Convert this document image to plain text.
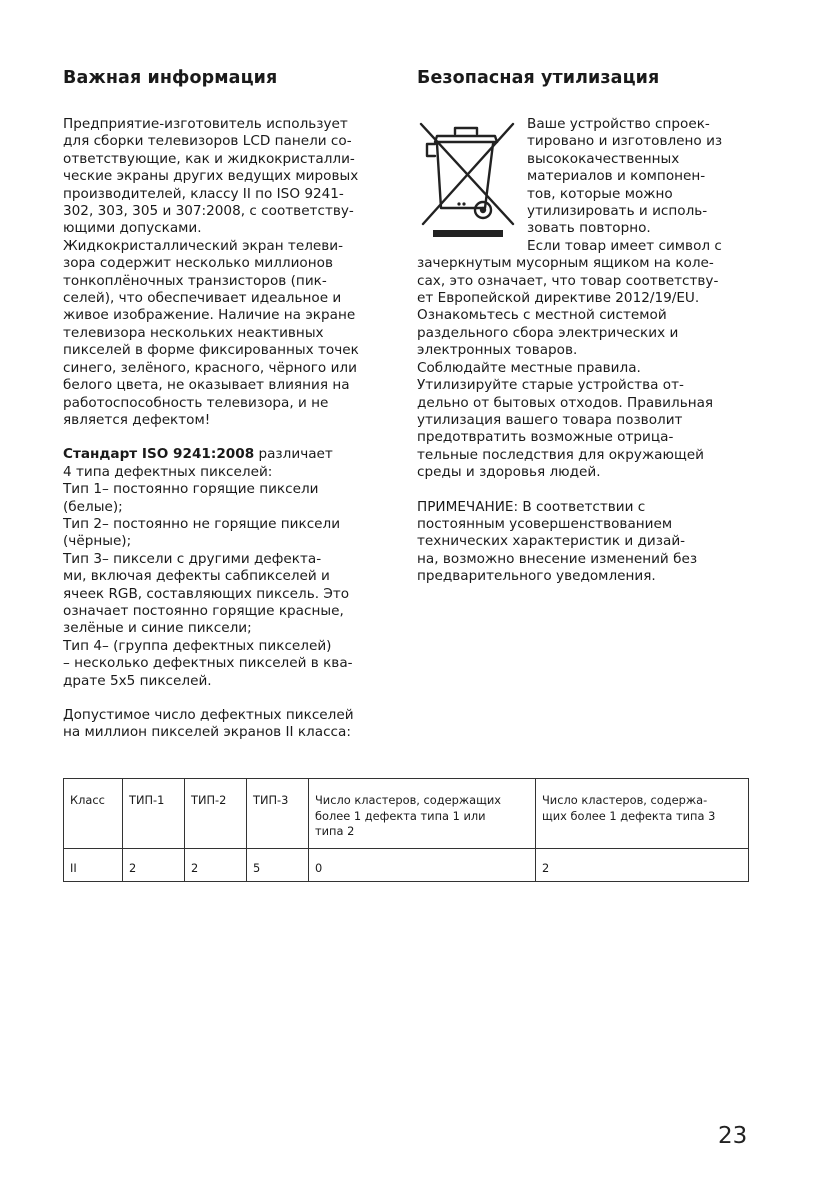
Важная информация

Предприятие-изготовитель использует
для сборки телевизоров LCD панели со-
ответствующие, как и жидкокристалли-
ческие экраны других ведущих мировых
производителей, классу II по ISO 9241-
302, 303, 305 и 307:2008, с соответству-
ющими допусками.
Жидкокристаллический экран телеви-
зора содержит несколько миллионов
тонкоплёночных транзисторов (пик-
селей), что обеспечивает идеальное и
живое изображение. Наличие на экране
телевизора нескольких неактивных
пикселей в форме фиксированных точек
синего, зелёного, красного, чёрного или
белого цвета, не оказывает влияния на
работоспособность телевизора, и не
является дефектом!

Стандарт ISO 9241:2008 различает
4 типа дефектных пикселей:
Тип 1– постоянно горящие пиксели
(белые);
Тип 2– постоянно не горящие пиксели
(чёрные);
Тип 3– пиксели с другими дефекта-
ми, включая дефекты сабпикселей и
ячеек RGB, составляющих пиксель. Это
означает постоянно горящие красные,
зелёные и синие пиксели;
Тип 4– (группа дефектных пикселей)
– несколько дефектных пикселей в ква-
драте 5x5 пикселей.

Допустимое число дефектных пикселей
на миллион пикселей экранов II класса:

Безопасная утилизация

Ваше устройство спроек-
тировано и изготовлено из
высококачественных
материалов и компонен-
тов, которые можно
утилизировать и исполь-
зовать повторно.
Если товар имеет символ с

зачеркнутым мусорным ящиком на коле-
сах, это означает, что товар соответству-
ет Европейской директиве 2012/19/EU.
Ознакомьтесь с местной системой
раздельного сбора электрических и
электронных товаров.
Соблюдайте местные правила.
Утилизируйте старые устройства от-
дельно от бытовых отходов. Правильная
утилизация вашего товара позволит
предотвратить возможные отрица-
тельные последствия для окружающей
среды и здоровья людей.

ПРИМЕЧАНИЕ: В соответствии с
постоянным усовершенствованием
технических характеристик и дизай-
на, возможно внесение изменений без
предварительного уведомления.

Класс	ТИП-1	ТИП-2	ТИП-3	Число кластеров, содержащих
более 1 дефекта типа 1 или
типа 2	Число кластеров, содержа-
щих более 1 дефекта типа 3
II	2	2	5	0	2
23
